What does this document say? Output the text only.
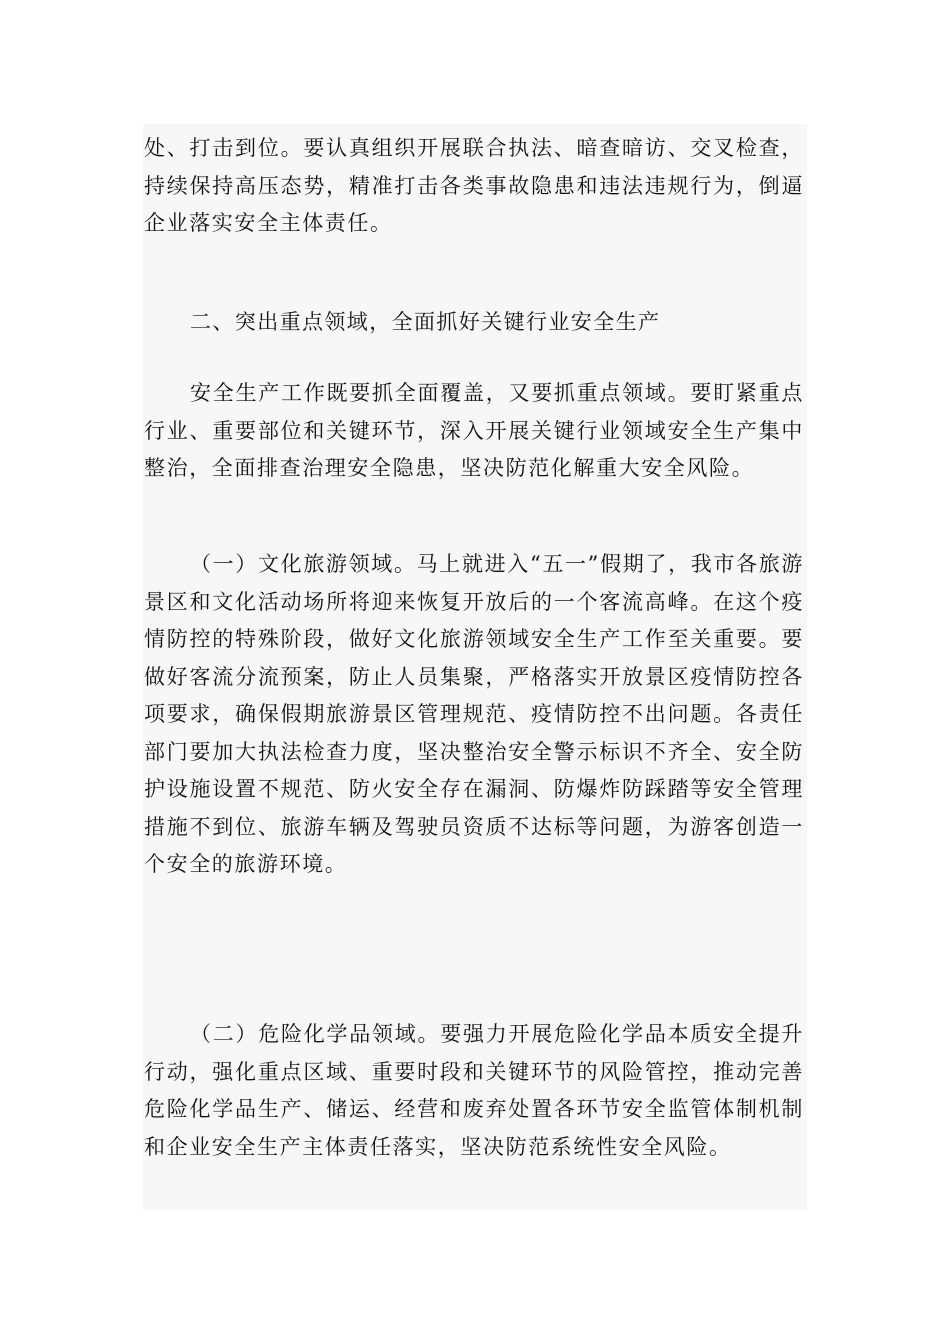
处、打击到位。要认真组织开展联合执法、暗查暗访、交叉检查，持续保持高压态势，精准打击各类事故隐患和违法违规行为，倒逼企业落实安全主体责任。

二、突出重点领域，全面抓好关键行业安全生产

安全生产工作既要抓全面覆盖，又要抓重点领域。要盯紧重点行业、重要部位和关键环节，深入开展关键行业领域安全生产集中整治，全面排查治理安全隐患，坚决防范化解重大安全风险。

（一）文化旅游领域。马上就进入“五一”假期了，我市各旅游景区和文化活动场所将迎来恢复开放后的一个客流高峰。在这个疫情防控的特殊阶段，做好文化旅游领域安全生产工作至关重要。要做好客流分流预案，防止人员集聚，严格落实开放景区疫情防控各项要求，确保假期旅游景区管理规范、疫情防控不出问题。各责任部门要加大执法检查力度，坚决整治安全警示标识不齐全、安全防护设施设置不规范、防火安全存在漏洞、防爆炸防踩踏等安全管理措施不到位、旅游车辆及驾驶员资质不达标等问题，为游客创造一个安全的旅游环境。

（二）危险化学品领域。要强力开展危险化学品本质安全提升行动，强化重点区域、重要时段和关键环节的风险管控，推动完善危险化学品生产、储运、经营和废弃处置各环节安全监管体制机制和企业安全生产主体责任落实，坚决防范系统性安全风险。
